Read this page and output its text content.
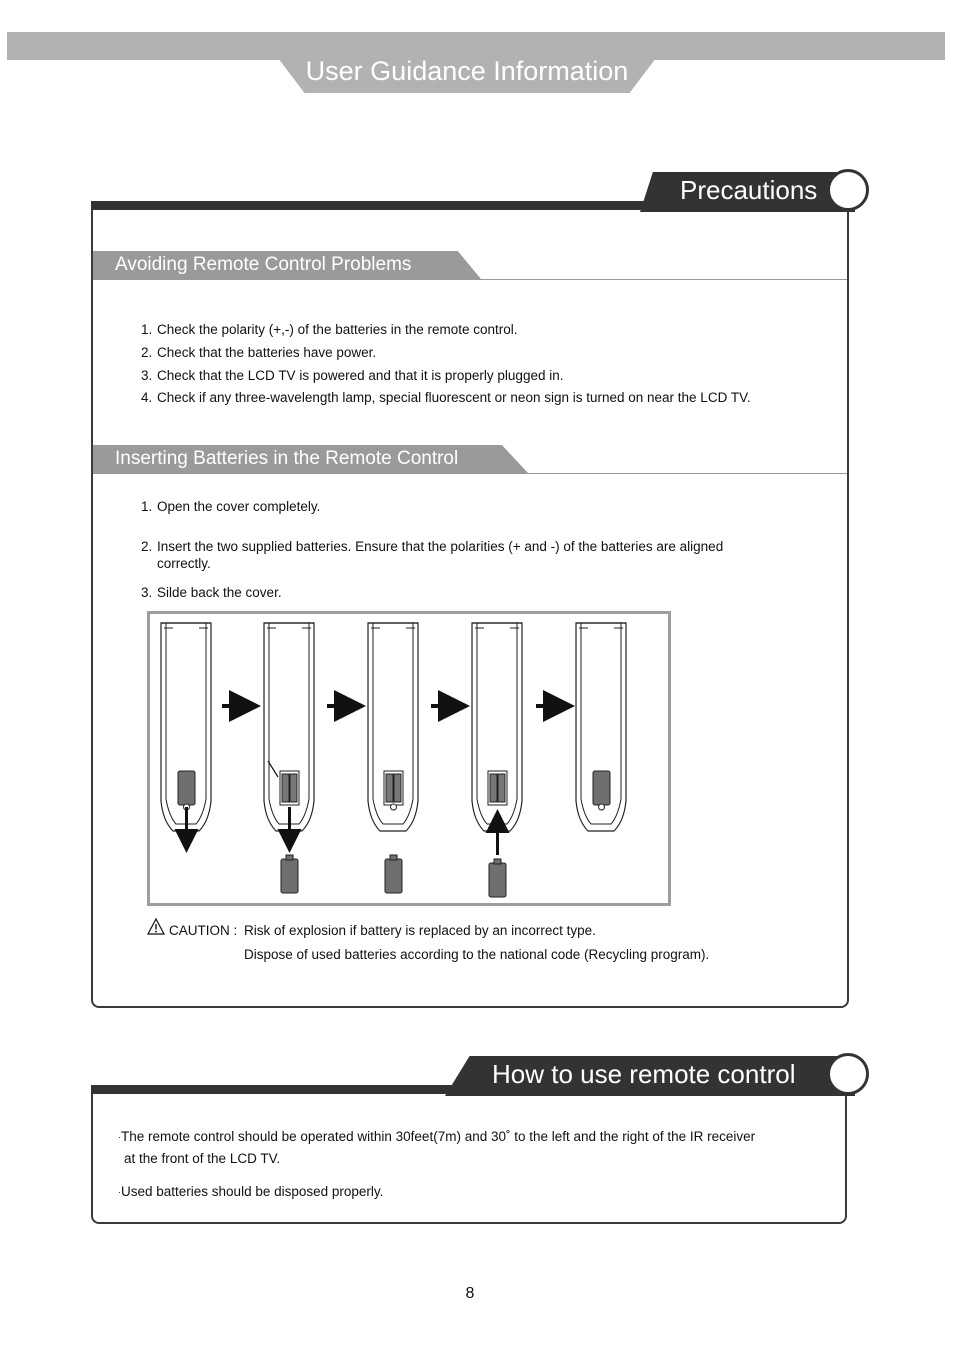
User Guidance Information
Precautions
Avoiding Remote Control Problems
1. Check the polarity (+,-) of the batteries in the remote control.
2. Check that the batteries have power.
3. Check that the LCD TV is powered and that it is properly plugged in.
4. Check if any three-wavelength lamp, special fluorescent or neon sign is turned on near the LCD TV.
Inserting Batteries in the Remote Control
1. Open the cover completely.
2. Insert the two supplied batteries. Ensure that the polarities (+ and -) of the batteries are aligned
correctly.
3. Silde back the cover.
CAUTION : Risk of explosion if battery is replaced by an incorrect type.
Dispose of used batteries according to the national code (Recycling program).
How to use remote control
·The remote control should be operated within 30feet(7m) and 30˚ to the left and the right of the IR receiver
at the front of the LCD TV.
·Used batteries should be disposed properly.
8
